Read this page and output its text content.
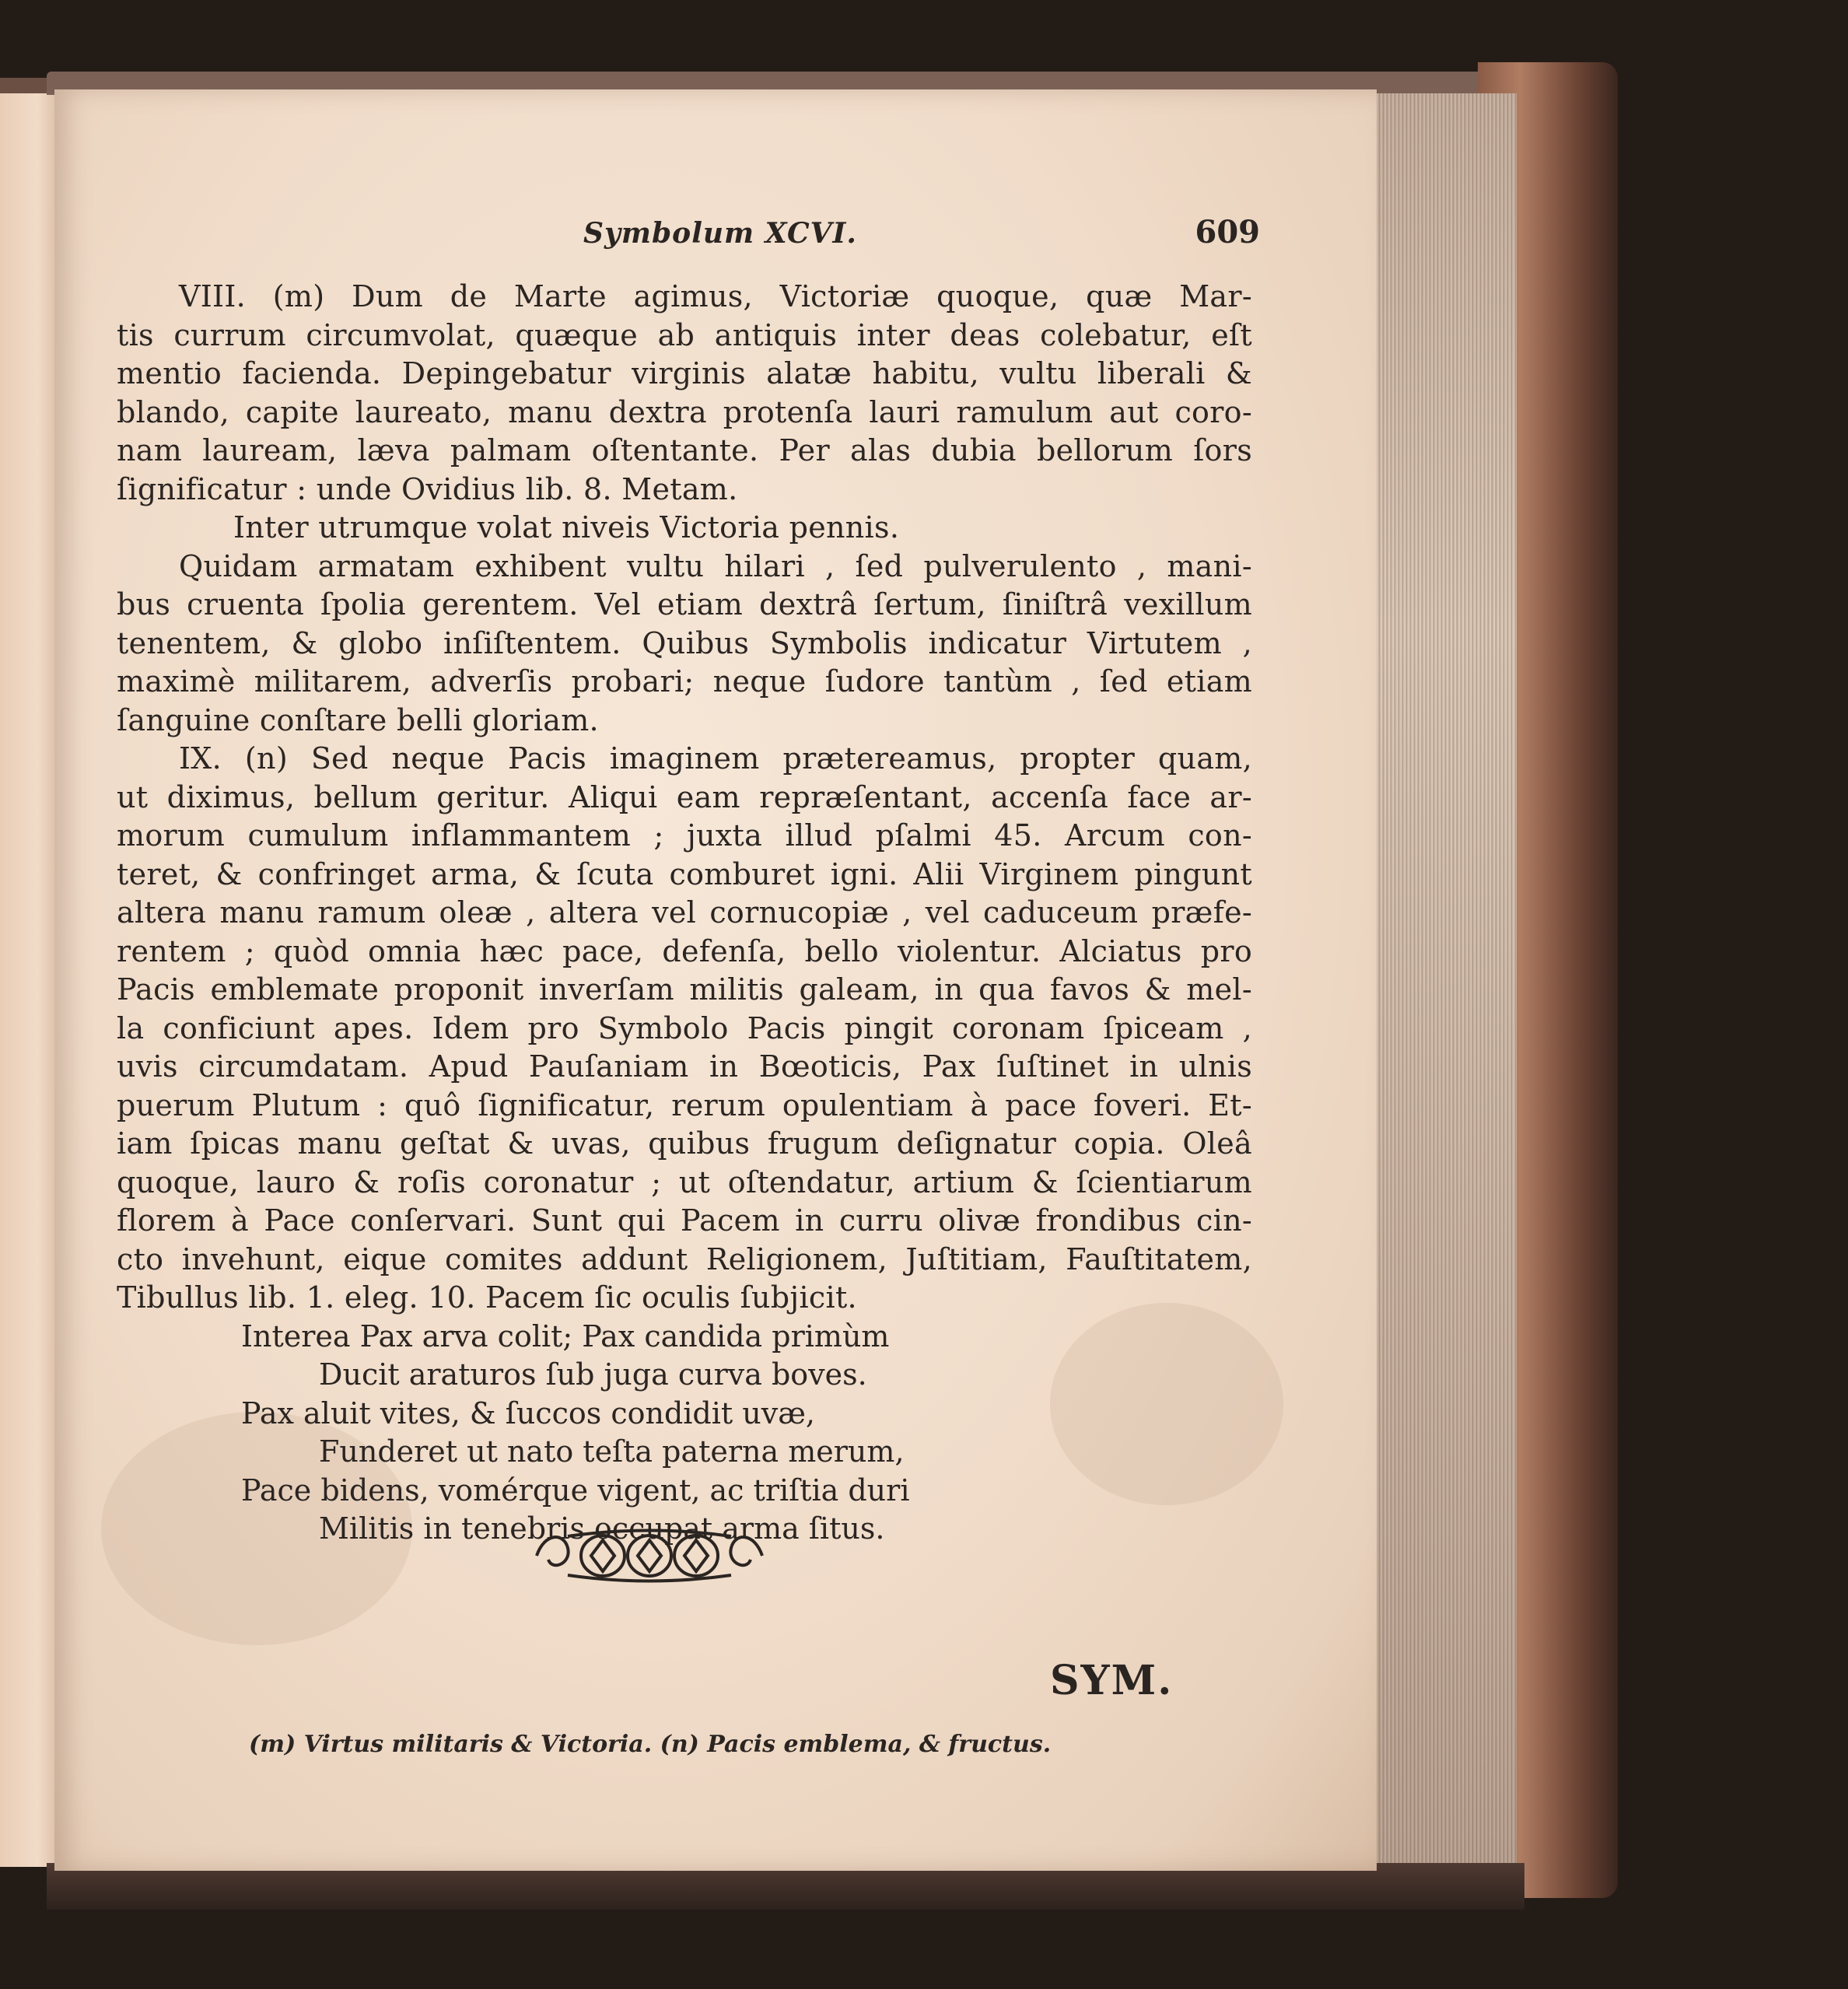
Symbolum XCVI.	609
VIII. (m) Dum de Marte agimus, Victoriæ quoque, quæ Mar-
tis currum circumvolat, quæque ab antiquis inter deas colebatur, eſt
mentio facienda. Depingebatur virginis alatæ habitu, vultu liberali &
blando, capite laureato, manu dextra protenſa lauri ramulum aut coro-
nam lauream, læva palmam oſtentante. Per alas dubia bellorum ſors
ſignificatur : unde Ovidius lib. 8. Metam.
Inter utrumque volat niveis Victoria pennis.
Quidam armatam exhibent vultu hilari , ſed pulverulento , mani-
bus cruenta ſpolia gerentem. Vel etiam dextrâ ſertum, ſiniſtrâ vexillum
tenentem, & globo inſiſtentem. Quibus Symbolis indicatur Virtutem ,
maximè militarem, adverſis probari; neque ſudore tantùm , ſed etiam
ſanguine conſtare belli gloriam.
IX. (n) Sed neque Pacis imaginem prætereamus, propter quam,
ut diximus, bellum geritur. Aliqui eam repræſentant, accenſa face ar-
morum cumulum inflammantem ; juxta illud pſalmi 45. Arcum con-
teret, & confringet arma, & ſcuta comburet igni. Alii Virginem pingunt
altera manu ramum oleæ , altera vel cornucopiæ , vel caduceum præfe-
rentem ; quòd omnia hæc pace, defenſa, bello violentur. Alciatus pro
Pacis emblemate proponit inverſam militis galeam, in qua favos & mel-
la conficiunt apes. Idem pro Symbolo Pacis pingit coronam ſpiceam ,
uvis circumdatam. Apud Pauſaniam in Bœoticis, Pax ſuſtinet in ulnis
puerum Plutum : quô ſignificatur, rerum opulentiam à pace foveri. Et-
iam ſpicas manu geſtat & uvas, quibus frugum deſignatur copia. Oleâ
quoque, lauro & roſis coronatur ; ut oſtendatur, artium & ſcientiarum
florem à Pace conſervari. Sunt qui Pacem in curru olivæ frondibus cin-
cto invehunt, eique comites addunt Religionem, Juſtitiam, Fauſtitatem,
Tibullus lib. 1. eleg. 10. Pacem ſic oculis ſubjicit.
Interea Pax arva colit; Pax candida primùm
Ducit araturos ſub juga curva boves.
Pax aluit vites, & ſuccos condidit uvæ,
Funderet ut nato teſta paterna merum,
Pace bidens, vomérque vigent, ac triſtia duri
Militis in tenebris occupat arma ſitus.
SYM.
(m) Virtus militaris & Victoria. (n) Pacis emblema, & fructus.
